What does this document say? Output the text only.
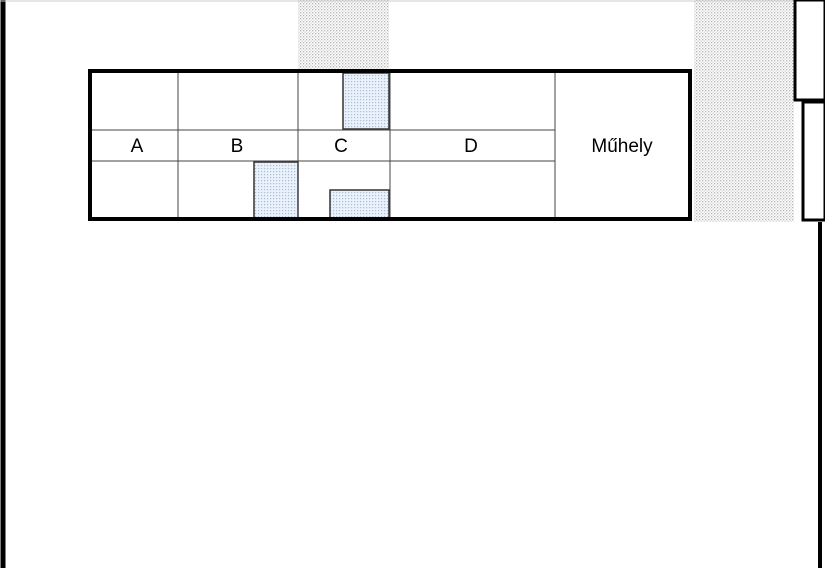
A	B	C	D	Műhely
